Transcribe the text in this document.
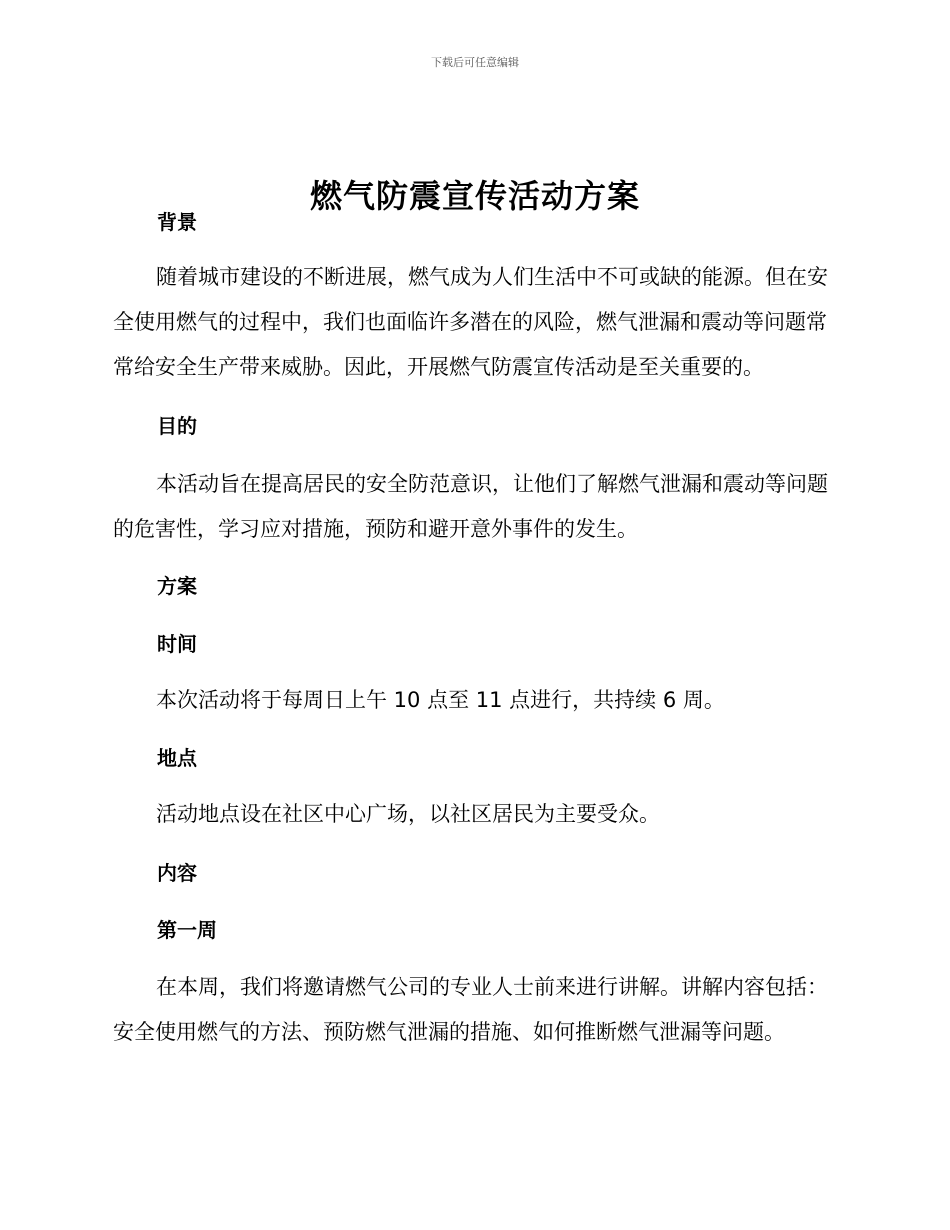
下载后可任意编辑
燃气防震宣传活动方案
背景

随着城市建设的不断进展，燃气成为人们生活中不可或缺的能源。但在安全使用燃气的过程中，我们也面临许多潜在的风险，燃气泄漏和震动等问题常常给安全生产带来威胁。因此，开展燃气防震宣传活动是至关重要的。

目的

本活动旨在提高居民的安全防范意识，让他们了解燃气泄漏和震动等问题的危害性，学习应对措施，预防和避开意外事件的发生。

方案
时间

本次活动将于每周日上午 10 点至 11 点进行，共持续 6 周。

地点

活动地点设在社区中心广场，以社区居民为主要受众。

内容
第一周

在本周，我们将邀请燃气公司的专业人士前来进行讲解。讲解内容包括：安全使用燃气的方法、预防燃气泄漏的措施、如何推断燃气泄漏等问题。
